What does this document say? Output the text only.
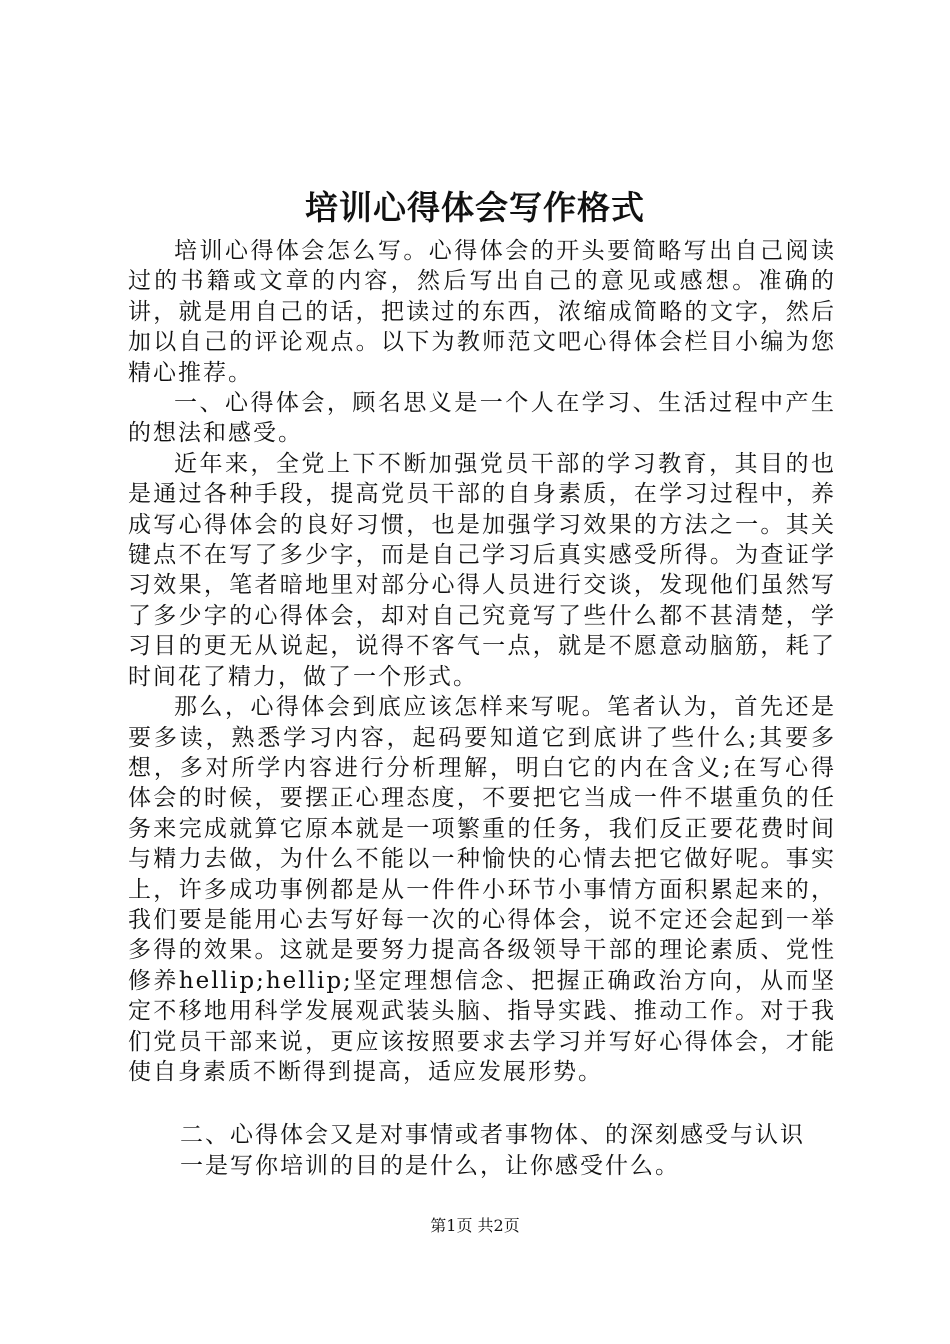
培训心得体会写作格式

培训心得体会怎么写。心得体会的开头要简略写出自己阅读过的书籍或文章的内容，然后写出自己的意见或感想。准确的讲，就是用自己的话，把读过的东西，浓缩成简略的文字，然后加以自己的评论观点。以下为教师范文吧心得体会栏目小编为您精心推荐。

一、心得体会，顾名思义是一个人在学习、生活过程中产生的想法和感受。

近年来，全党上下不断加强党员干部的学习教育，其目的也是通过各种手段，提高党员干部的自身素质，在学习过程中，养成写心得体会的良好习惯，也是加强学习效果的方法之一。其关键点不在写了多少字，而是自己学习后真实感受所得。为查证学习效果，笔者暗地里对部分心得人员进行交谈，发现他们虽然写了多少字的心得体会，却对自己究竟写了些什么都不甚清楚，学习目的更无从说起，说得不客气一点，就是不愿意动脑筋，耗了时间花了精力，做了一个形式。

那么，心得体会到底应该怎样来写呢。笔者认为，首先还是要多读，熟悉学习内容，起码要知道它到底讲了些什么;其要多想，多对所学内容进行分析理解，明白它的内在含义;在写心得体会的时候，要摆正心理态度，不要把它当成一件不堪重负的任务来完成就算它原本就是一项繁重的任务，我们反正要花费时间与精力去做，为什么不能以一种愉快的心情去把它做好呢。事实上，许多成功事例都是从一件件小环节小事情方面积累起来的，我们要是能用心去写好每一次的心得体会，说不定还会起到一举多得的效果。这就是要努力提高各级领导干部的理论素质、党性修养hellip;hellip;坚定理想信念、把握正确政治方向，从而坚定不移地用科学发展观武装头脑、指导实践、推动工作。对于我们党员干部来说，更应该按照要求去学习并写好心得体会，才能使自身素质不断得到提高，适应发展形势。

二、心得体会又是对事情或者事物体、的深刻感受与认识

一是写你培训的目的是什么，让你感受什么。

第1页 共2页
